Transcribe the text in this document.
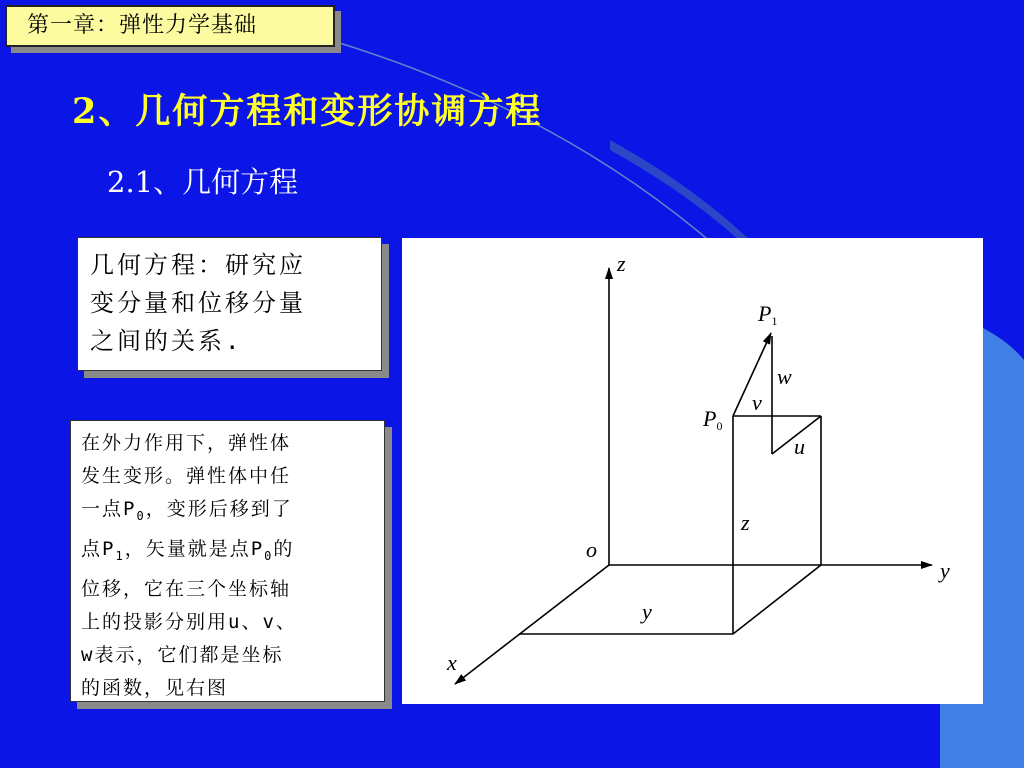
第一章：弹性力学基础
2、几何方程和变形协调方程
2.1、几何方程
几何方程：研究应
变分量和位移分量
之间的关系.
在外力作用下，弹性体
发生变形。弹性体中任
一点$P_0$，变形后移到了
点$P_1$，矢量就是点$P_0$的
位移，它在三个坐标轴
上的投影分别用u、v、
w表示，它们都是坐标
的函数，见右图
z
y
x
o
P1
P0
w
v
u
z
y
